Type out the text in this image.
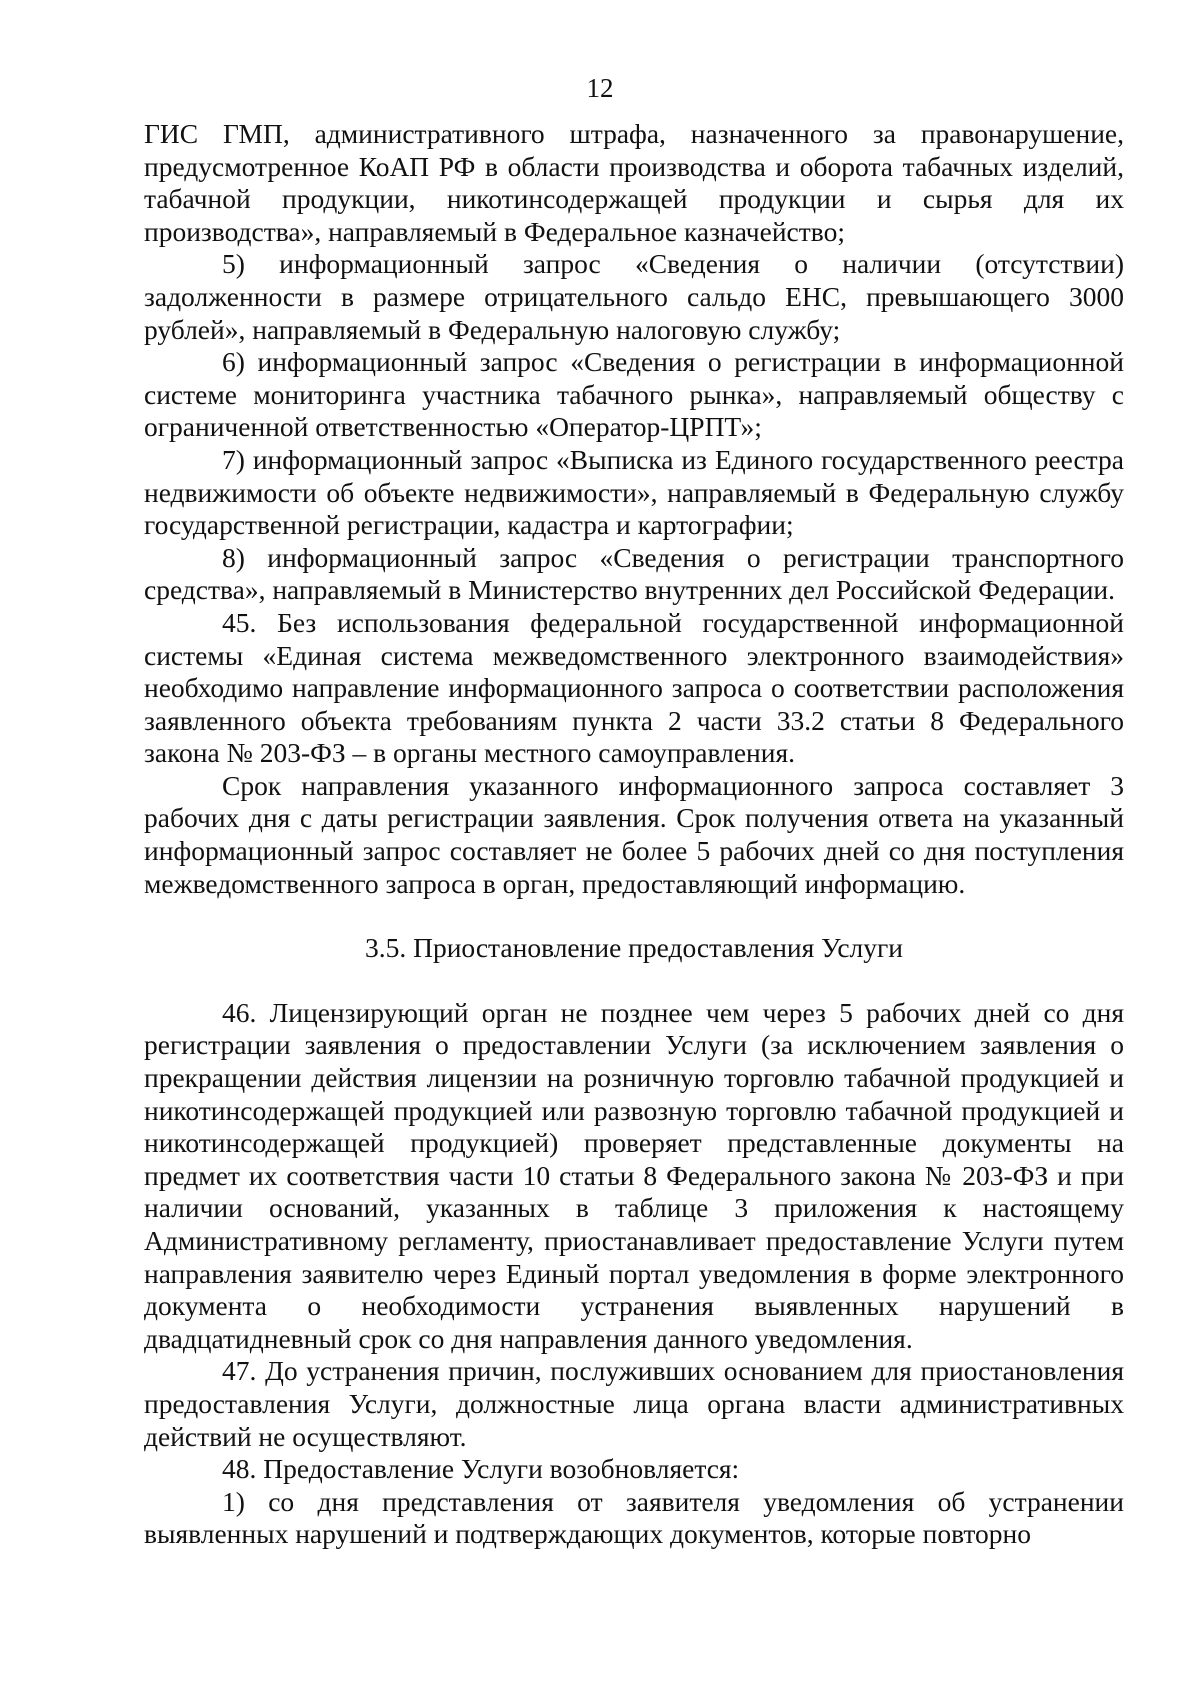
12

ГИС ГМП, административного штрафа, назначенного за правонарушение, предусмотренное КоАП РФ в области производства и оборота табачных изделий, табачной продукции, никотинсодержащей продукции и сырья для их производства», направляемый в Федеральное казначейство;

5) информационный запрос «Сведения о наличии (отсутствии) задолженности в размере отрицательного сальдо ЕНС, превышающего 3000 рублей», направляемый в Федеральную налоговую службу;

6) информационный запрос «Сведения о регистрации в информационной системе мониторинга участника табачного рынка», направляемый обществу с ограниченной ответственностью «Оператор-ЦРПТ»;

7) информационный запрос «Выписка из Единого государственного реестра недвижимости об объекте недвижимости», направляемый в Федеральную службу государственной регистрации, кадастра и картографии;

8) информационный запрос «Сведения о регистрации транспортного средства», направляемый в Министерство внутренних дел Российской Федерации.

45. Без использования федеральной государственной информационной системы «Единая система межведомственного электронного взаимодействия» необходимо направление информационного запроса о соответствии расположения заявленного объекта требованиям пункта 2 части 33.2 статьи 8 Федерального закона № 203-ФЗ – в органы местного самоуправления.

Срок направления указанного информационного запроса составляет 3 рабочих дня с даты регистрации заявления. Срок получения ответа на указанный информационный запрос составляет не более 5 рабочих дней со дня поступления межведомственного запроса в орган, предоставляющий информацию.

3.5. Приостановление предоставления Услуги

46. Лицензирующий орган не позднее чем через 5 рабочих дней со дня регистрации заявления о предоставлении Услуги (за исключением заявления о прекращении действия лицензии на розничную торговлю табачной продукцией и никотинсодержащей продукцией или развозную торговлю табачной продукцией и никотинсодержащей продукцией) проверяет представленные документы на предмет их соответствия части 10 статьи 8 Федерального закона № 203-ФЗ и при наличии оснований, указанных в таблице 3 приложения к настоящему Административному регламенту, приостанавливает предоставление Услуги путем направления заявителю через Единый портал уведомления в форме электронного документа о необходимости устранения выявленных нарушений в двадцатидневный срок со дня направления данного уведомления.

47. До устранения причин, послуживших основанием для приостановления предоставления Услуги, должностные лица органа власти административных действий не осуществляют.

48. Предоставление Услуги возобновляется:

1) со дня представления от заявителя уведомления об устранении выявленных нарушений и подтверждающих документов, которые повторно
